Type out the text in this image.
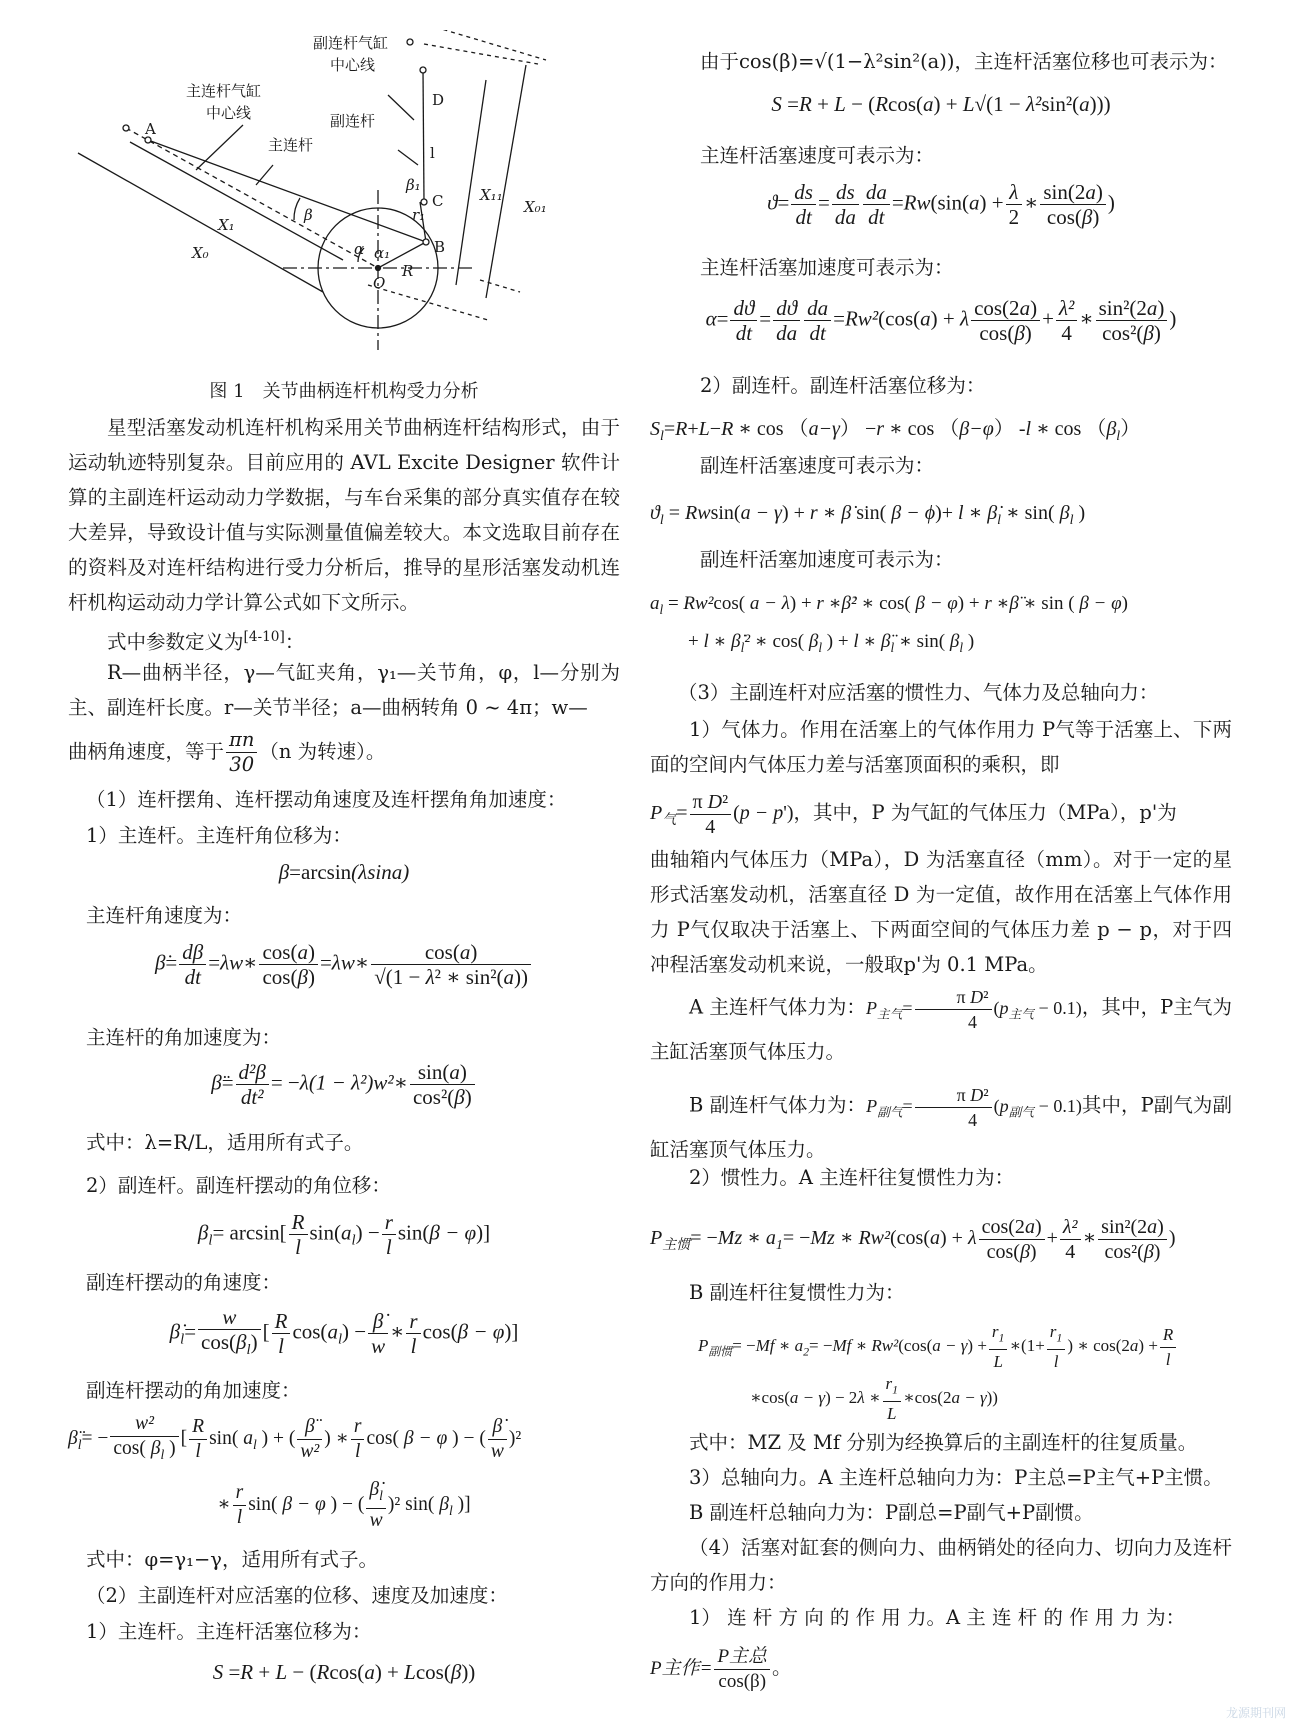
副连杆气缸
中心线
主连杆气缸
中心线	副连杆
主连杆
A
B
C
D
l
β
β₁
r₁
α α₁
R
O
X₀
X₁
X₁₁
X₀₁
图 1　关节曲柄连杆机构受力分析
星型活塞发动机连杆机构采用关节曲柄连杆结构形式，由于运动轨迹特别复杂。目前应用的 AVL Excite Designer 软件计算的主副连杆运动动力学数据，与车台采集的部分真实值存在较大差异，导致设计值与实际测量值偏差较大。本文选取目前存在的资料及对连杆结构进行受力分析后，推导的星形活塞发动机连杆机构运动动力学计算公式如下文所示。
式中参数定义为[4-10]：
R—曲柄半径，γ—气缸夹角，γ₁—关节角，φ，l—分别为主、副连杆长度。r—关节半径；a—曲柄转角 0 ~ 4π；w—
曲柄角速度，等于 $\frac{\pi n}{30} (n$ 为转速）。
（1）连杆摆角、连杆摆动角速度及连杆摆角角加速度：
1）主连杆。主连杆角位移为：
β=arcsin(λsina)
主连杆角速度为：
β̇= $\frac{d\beta}{dt}$ =λw∗ $\frac{\cos(a)}{\cos(\beta)}$ =λw∗ $\frac{\cos(a)}{\text{√(1 − λ² ∗ sin²(a))}}$
主连杆的角加速度为：
β̈= $\frac{\text{d²β}}{\text{dt²}} = -\lambda(1$ − λ²)w²∗ $\frac{\sin(a)}{\text{cos²(β)}}$
式中：λ=R/L，适用所有式子。
2）副连杆。副连杆摆动的角位移：
$\beta_l= \arcsin[ \frac{R}{l} \sin(a_l) - \frac{r}{l} \sin(\beta - \varphi)]$
副连杆摆动的角速度：
$\betȧ_l= \frac{w}{\cos(\beta_l)}$ [ $\frac{R}{l} \cos(a_l) - \frac{\betȧ}{w}$ ∗ $\frac{r}{l} \cos(\beta - \varphi)$]
副连杆摆动的角加速度：
$\betä_l= - \frac{\text{w²}}{\cos( \beta_l )}$ [ $\frac{R}{l} \sin$( $a_l$ ) + ( $\frac{\betä}{\text{w²}}$ ) ∗ $\frac{r}{l} \cos$( β − φ ) − ( $\frac{\betȧ}{w} )^2$
∗ $\frac{r}{l} \sin$( β − φ ) − ( $\frac{\betȧ_l}{w} )^2$ sin( $\beta_l$ )]
式中：φ=γ₁−γ，适用所有式子。
（2）主副连杆对应活塞的位移、速度及加速度：
1）主连杆。主连杆活塞位移为：
S =R + L − (Rcos(a) + Lcos(β))
由于cos(β)=√(1−λ²sin²(a))，主连杆活塞位移也可表示为：
S =R + L − (Rcos(a) + L√(1 − λ²sin²(a)))
主连杆活塞速度可表示为：
$ϑ= \frac{ds}{dt} = \frac{ds}{da} \frac{da}{dt} =Rw(\sin(a) + \frac{\lambda}{2}$ ∗ $\frac{\sin(2a)}{\cos(\beta)}$ )
主连杆活塞加速度可表示为：
$\alpha= \frac{dϑ}{dt} = \frac{dϑ}{da} \frac{da}{dt} =Rw^2(\cos(a) + \lambda \frac{\cos(2a)}{\cos(\beta)} + \frac{\text{λ²}}{4}$ ∗ $\frac{\text{sin²(2a)}}{\text{cos²(β)}}$ )
2）副连杆。副连杆活塞位移为：
$S_l=R+L-R$ ∗ cos （a−γ） −r ∗ cos （β−φ） -l ∗ $\cos (\beta_l)$
副连杆活塞速度可表示为：
$ϑ_l = Rwsin(a - \gamma) + r$ ∗ β̇ sin( β − ϕ)+ l ∗ $\betȧ_l$ ∗ sin( $\beta_l$ )
副连杆活塞加速度可表示为：
$a_l = Rw^2\cos$( a − λ) + r ∗β̇² ∗ cos( β − φ) + r ∗β̈ ∗ sin ( β − φ)
+ l ∗ $\betȧ_l^2$ ∗ cos( $\beta_l$ ) + l ∗ $\betä_l$ ∗ sin( $\beta_l$ )
（3）主副连杆对应活塞的惯性力、气体力及总轴向力：
1）气体力。作用在活塞上的气体作用力 P气等于活塞上、下两面的空间内气体压力差与活塞顶面积的乘积，即
$P_气= \frac{\text{π D²}}{4} (p - p')$，其中，P 为气缸的气体压力（MPa），p'为
曲轴箱内气体压力（MPa），D 为活塞直径（mm）。对于一定的星形式活塞发动机，活塞直径 D 为一定值，故作用在活塞上气体作用力 P气仅取决于活塞上、下两面空间的气体压力差 p − p，对于四冲程活塞发动机来说，一般取p'为 0.1 MPa。
A 主连杆气体力为：$P_{主气}= \frac{\text{π D²}}{4} (p_{主气} - 0.1)$，其中，P主气为主缸活塞顶气体压力。
B 副连杆气体力为：$P_{副气}= \frac{\text{π D²}}{4} (p_{副气} - 0.1)$其中，P副气为副缸活塞顶气体压力。
2）惯性力。A 主连杆往复惯性力为：
$P_{主惯}= -Mz$ ∗ $a_1= -Mz$ ∗ Rw²(cos(a) + λ $\frac{\cos(2a)}{\cos(\beta)} + \frac{\text{λ²}}{4}$ ∗ $\frac{\text{sin²(2a)}}{\text{cos²(β)}}$ )
B 副连杆往复惯性力为：
$P_{副惯}= -Mf$ ∗ $a_2= -Mf$ ∗ $Rw^2(\cos(a - \gamma) + \frac{r_1}{L}$ ∗(1+ $\frac{r_1}{l}$ ) ∗ $\cos(2a) + \frac{R}{l}$
∗cos(a − γ) − 2λ ∗ $\frac{r_1}{L}$ ∗cos(2a − γ))
式中：MZ 及 Mf 分别为经换算后的主副连杆的往复质量。
3）总轴向力。A 主连杆总轴向力为：P主总=P主气+P主惯。
B 副连杆总轴向力为：P副总=P副气+P副惯。
（4）活塞对缸套的侧向力、曲柄销处的径向力、切向力及连杆方向的作用力：
1） 连 杆 方 向 的 作 用 力。A 主 连 杆 的 作 用 力 为：
P主作= $\frac{\text{P主总}}{\cos(\beta)}$ 。
龙源期刊网
